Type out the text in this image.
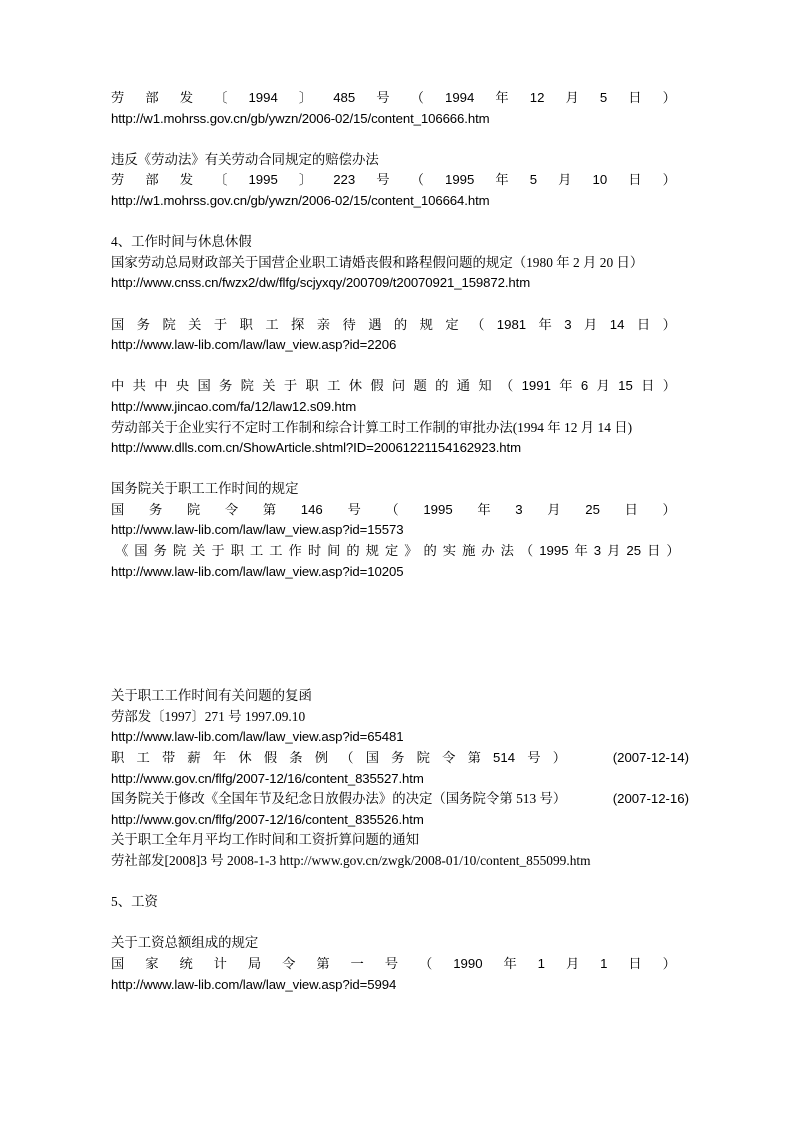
劳 部 发 〔 1994 〕 485 号 （ 1994 年 12 月 5 日 ）
http://w1.mohrss.gov.cn/gb/ywzn/2006-02/15/content_106666.htm
违反《劳动法》有关劳动合同规定的赔偿办法
劳 部 发 〔 1995 〕 223 号 （ 1995 年 5 月 10 日 ）
http://w1.mohrss.gov.cn/gb/ywzn/2006-02/15/content_106664.htm
4、工作时间与休息休假
国家劳动总局财政部关于国营企业职工请婚丧假和路程假问题的规定（1980 年 2 月 20 日）
http://www.cnss.cn/fwzx2/dw/flfg/scjyxqy/200709/t20070921_159872.htm
国 务 院 关 于 职 工 探 亲 待 遇 的 规 定 （ 1981 年 3 月 14 日 ）
http://www.law-lib.com/law/law_view.asp?id=2206
中 共 中 央 国 务 院 关 于 职 工 休 假 问 题 的 通 知 （ 1991 年 6 月 15 日 ）
http://www.jincao.com/fa/12/law12.s09.htm
劳动部关于企业实行不定时工作制和综合计算工时工作制的审批办法(1994 年 12 月 14 日)
http://www.dlls.com.cn/ShowArticle.shtml?ID=20061221154162923.htm
国务院关于职工工作时间的规定
国 务 院 令 第 146 号 （ 1995 年 3 月 25 日 ）
http://www.law-lib.com/law/law_view.asp?id=15573
《 国 务 院 关 于 职 工 工 作 时 间 的 规 定 》 的 实 施 办 法 （ 1995 年 3 月 25 日 ）
http://www.law-lib.com/law/law_view.asp?id=10205
关于职工工作时间有关问题的复函
劳部发〔1997〕271 号 1997.09.10
http://www.law-lib.com/law/law_view.asp?id=65481
职 工 带 薪 年 休 假 条 例 （ 国 务 院 令 第 514 号 ）	(2007-12-14)
http://www.gov.cn/flfg/2007-12/16/content_835527.htm
国务院关于修改《全国年节及纪念日放假办法》的决定（国务院令第 513 号）	(2007-12-16)
http://www.gov.cn/flfg/2007-12/16/content_835526.htm
关于职工全年月平均工作时间和工资折算问题的通知
劳社部发[2008]3 号 2008-1-3 http://www.gov.cn/zwgk/2008-01/10/content_855099.htm
5、工资
关于工资总额组成的规定
国 家 统 计 局 令 第 一 号 （ 1990 年 1 月 1 日 ）
http://www.law-lib.com/law/law_view.asp?id=5994
